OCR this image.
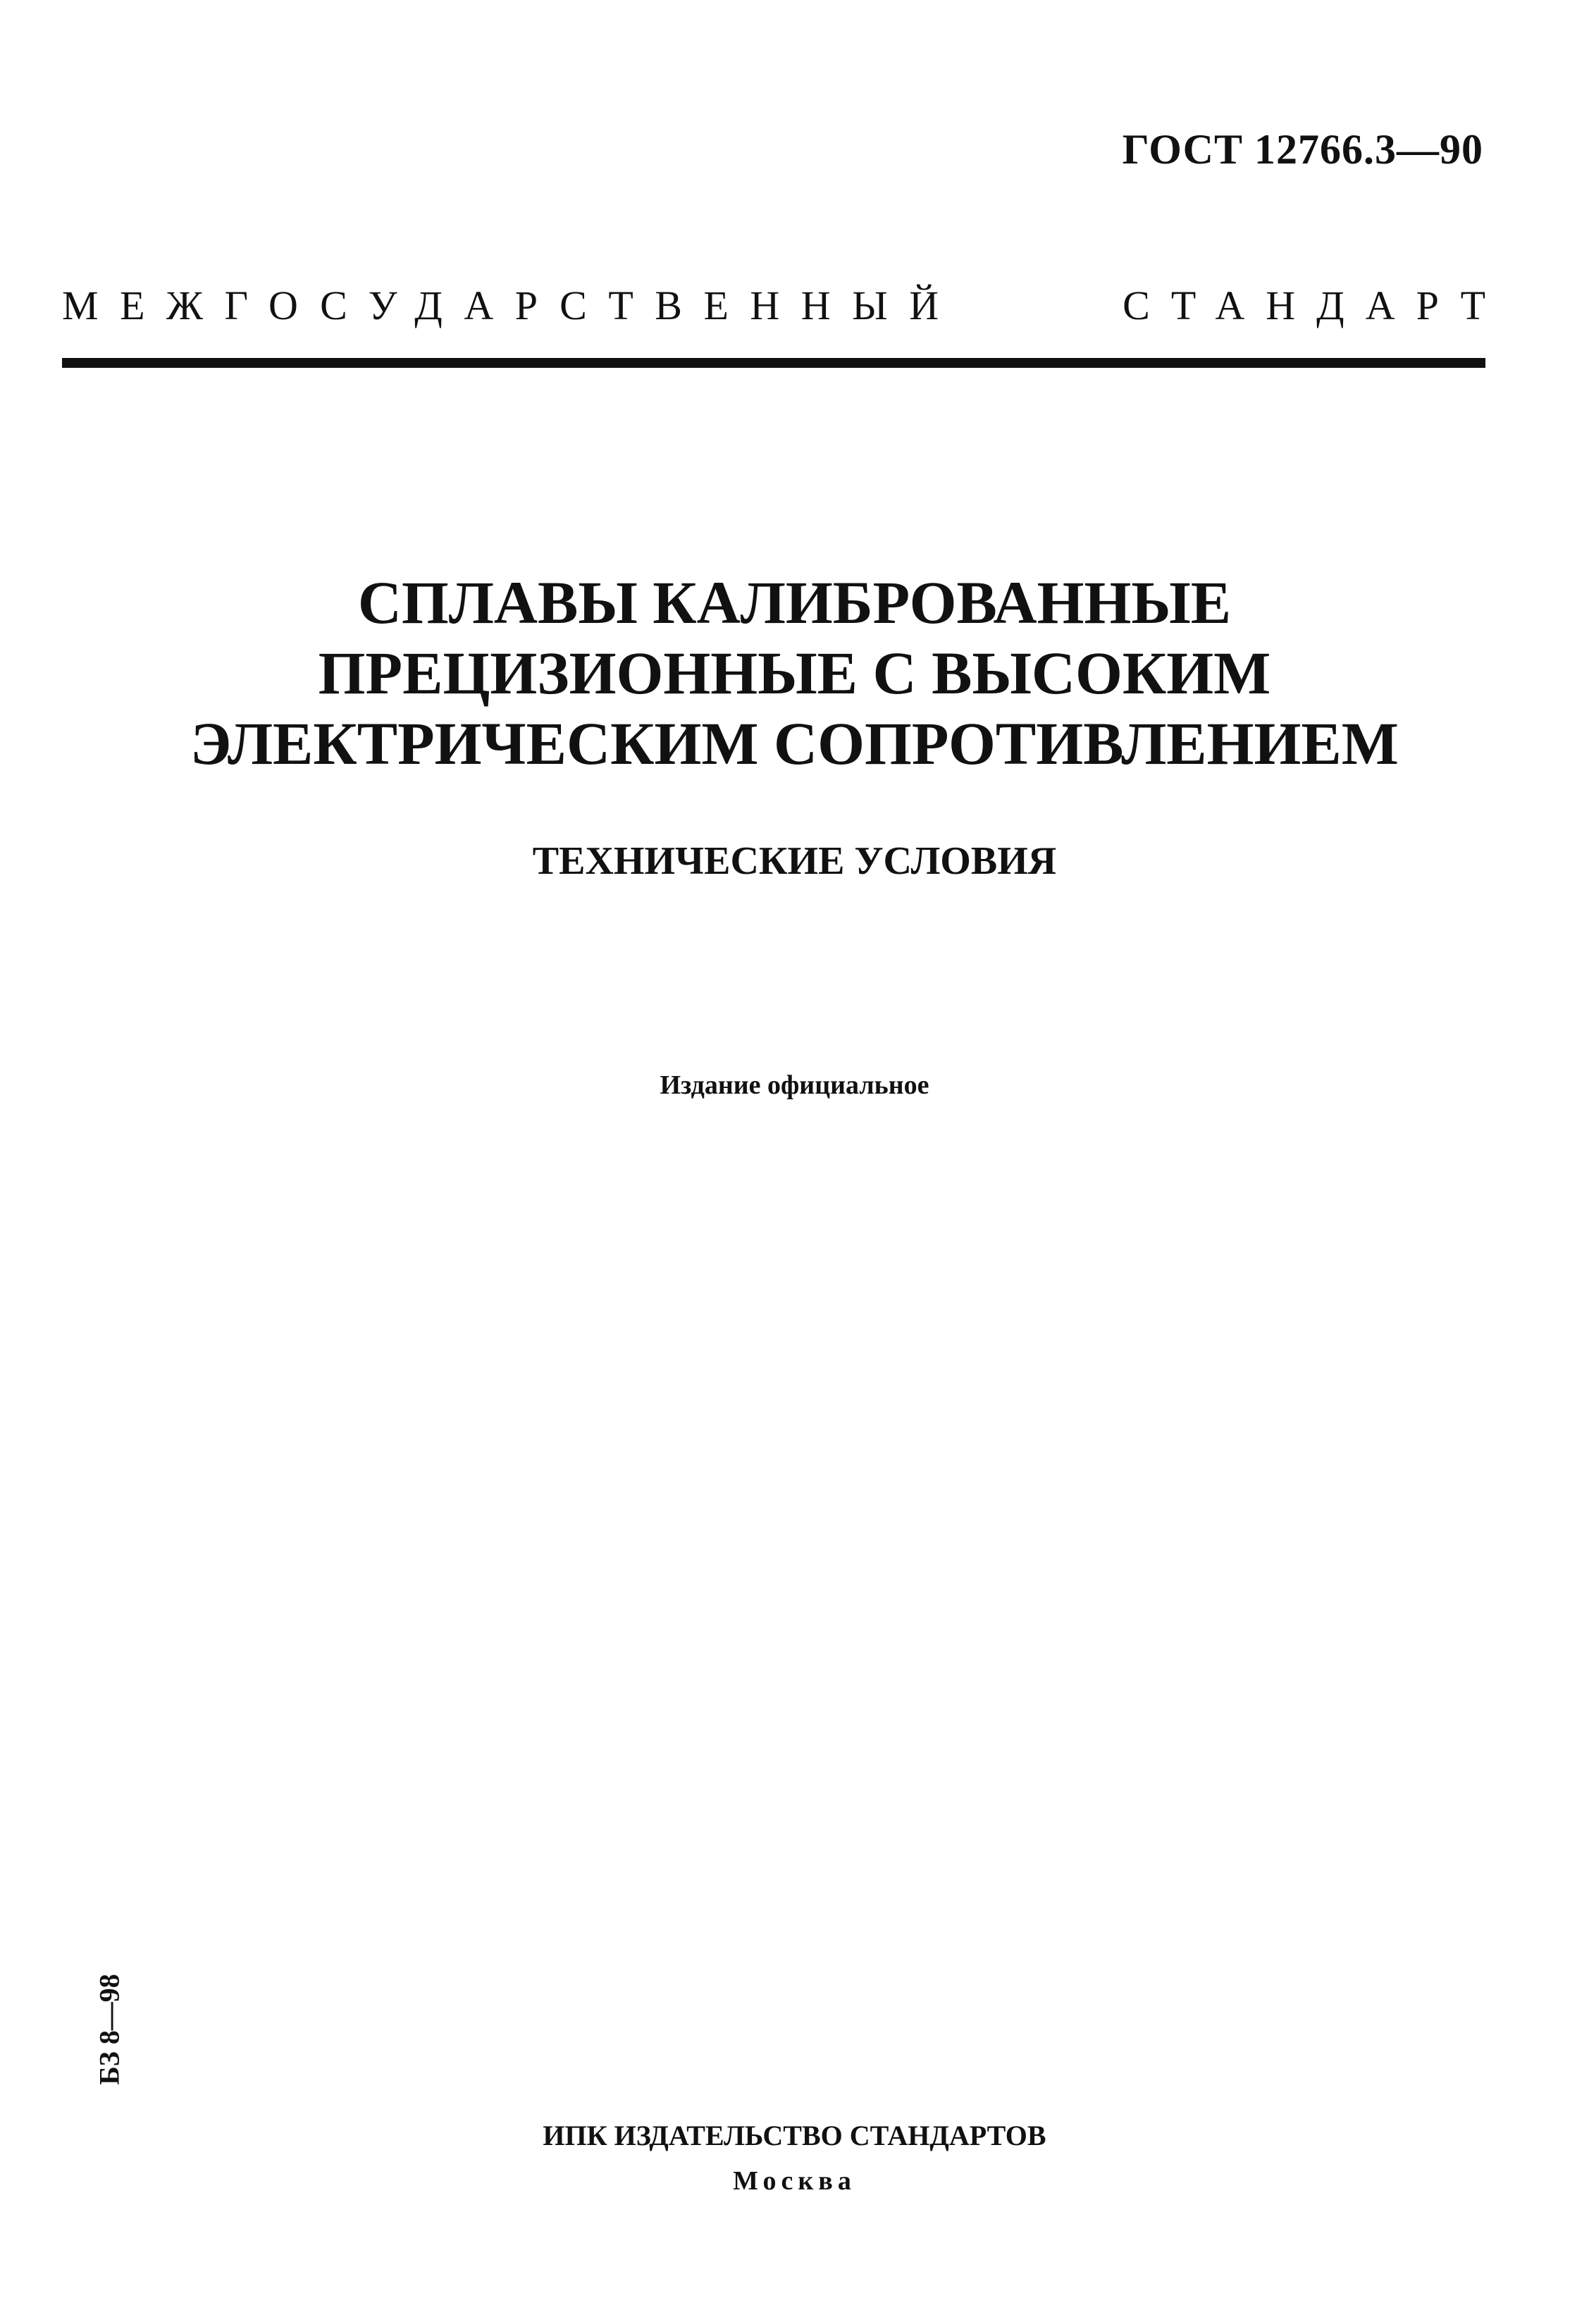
ГОСТ 12766.3—90
МЕЖГОСУДАРСТВЕННЫЙ	СТАНДАРТ
СПЛАВЫ КАЛИБРОВАННЫЕ
ПРЕЦИЗИОННЫЕ С ВЫСОКИМ
ЭЛЕКТРИЧЕСКИМ СОПРОТИВЛЕНИЕМ
ТЕХНИЧЕСКИЕ УСЛОВИЯ
Издание официальное
БЗ 8—98
ИПК ИЗДАТЕЛЬСТВО СТАНДАРТОВ
Москва
